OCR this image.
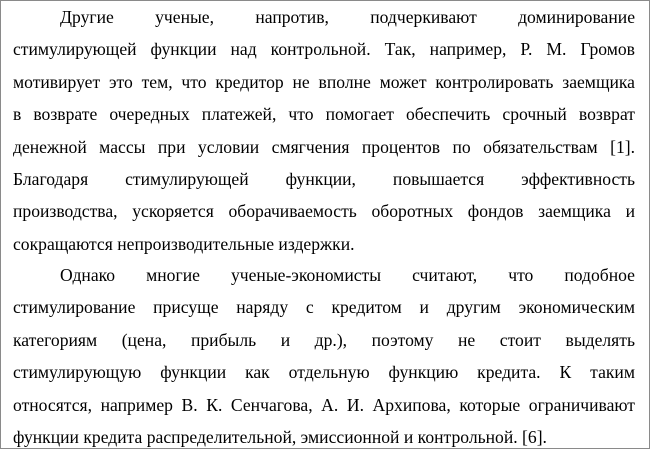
Другие ученые, напротив, подчеркивают доминирование
стимулирующей функции над контрольной. Так, например, Р. М. Громов
мотивирует это тем, что кредитор не вполне может контролировать заемщика
в возврате очередных платежей, что помогает обеспечить срочный возврат
денежной массы при условии смягчения процентов по обязательствам [1].
Благодаря стимулирующей функции, повышается эффективность
производства, ускоряется оборачиваемость оборотных фондов заемщика и
сокращаются непроизводительные издержки.
Однако многие ученые-экономисты считают, что подобное
стимулирование присуще наряду с кредитом и другим экономическим
категориям (цена, прибыль и др.), поэтому не стоит выделять
стимулирующую функции как отдельную функцию кредита. К таким
относятся, например В. К. Сенчагова, А. И. Архипова, которые ограничивают
функции кредита распределительной, эмиссионной и контрольной. [6].
